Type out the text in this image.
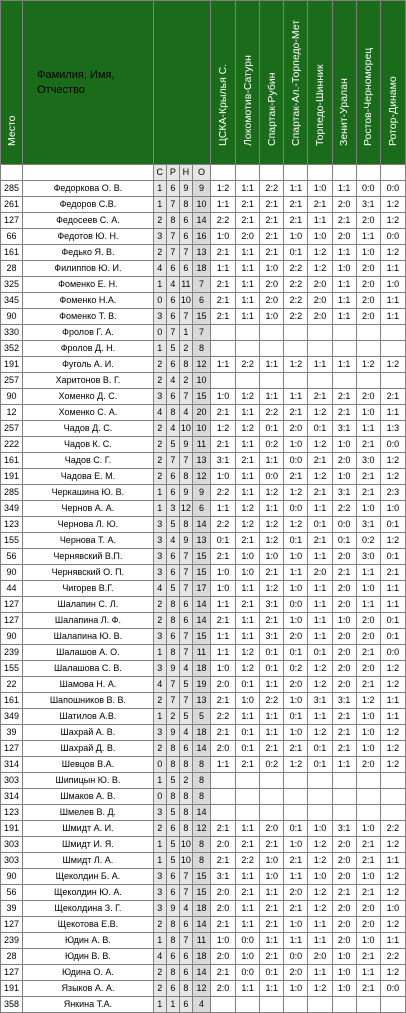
Место	Фамилия, Имя, Отчество					ЦСКА-Крылья С.	Локомотив-Сатурн	Спартак-Рубин	Спартак-Ал.-Торпедо-Мет	Торпедо-Шинник	Зенит-Уралан	Ростов-Черноморец	Ротор-Динамо

		С	Р	Н	О								
285	Федоркова О. В.	1	6	9	9	1:2	1:1	2:2	1:1	1:0	1:1	0:0	0:0
261	Федоров С.В.	1	7	8	10	1:1	2:1	2:1	2:1	2:1	2:0	3:1	1:2
127	Федосеев С. А.	2	8	6	14	2:2	2:1	2:1	2:1	1:1	2:1	2:0	1:2
66	Федотов Ю. Н.	3	7	6	16	1:0	2:0	2:1	1:0	1:0	2:0	1:1	0:0
161	Федько Я. В.	2	7	7	13	2:1	1:1	2:1	0:1	1:2	1:1	1:0	1:2
28	Филиппов Ю. И.	4	6	6	18	1:1	1:1	1:0	2:2	1:2	1:0	2:0	1:1
325	Фоменко Е. Н.	1	4	11	7	2:1	1:1	2:0	2:2	2:0	1:1	2:0	1:0
345	Фоменко Н.А.	0	6	10	6	2:1	1:1	2:0	2:2	2:0	1:1	2:0	1:1
90	Фоменко Т. В.	3	6	7	15	2:1	1:1	1:0	2:2	2:0	1:1	2:0	1:1
330	Фролов Г. А.	0	7	1	7								
352	Фролов Д. Н.	1	5	2	8								
191	Фуголь А. И.	2	6	8	12	1:1	2:2	1:1	1:2	1:1	1:1	1:2	1:2
257	Харитонов В. Г.	2	4	2	10								
90	Хоменко Д. С.	3	6	7	15	1:0	1:2	1:1	1:1	2:1	2:1	2:0	2:1
12	Хоменко С. А.	4	8	4	20	2:1	1:1	2:2	2:1	1:2	2:1	1:0	1:1
257	Чадов Д. С.	2	4	10	10	1:2	1:2	0:1	2:0	0:1	3:1	1:1	1:3
222	Чадов К. С.	2	5	9	11	2:1	1:1	0:2	1:0	1:2	1:0	2:1	0:0
161	Чадов С. Г.	2	7	7	13	3:1	2:1	1:1	0:0	2:1	2:0	3:0	1:2
191	Чадова Е. М.	2	6	8	12	1:0	1:1	0:0	2:1	1:2	1:0	2:1	1:2
285	Черкашина Ю. В.	1	6	9	9	2:2	1:1	1:2	1:2	2:1	3:1	2:1	2:3
349	Чернов А. А.	1	3	12	6	1:1	1:2	1:1	0:0	1:1	2:2	1:0	1:0
123	Чернова Л. Ю.	3	5	8	14	2:2	1:2	1:2	1:2	0:1	0:0	3:1	0:1
155	Чернова Т. А.	3	4	9	13	0:1	2:1	1:2	0:1	2:1	0:1	0:2	1:2
56	Чернявский В.П.	3	6	7	15	2:1	1:0	1:0	1:0	1:1	2:0	3:0	0:1
90	Чернявский О. П.	3	6	7	15	1:0	1:0	2:1	1:1	2:0	2:1	1:1	2:1
44	Чигорев В.Г.	4	5	7	17	1:0	1:1	1:2	1:0	1:1	2:0	1:0	1:1
127	Шалапин С. Л.	2	8	6	14	1:1	2:1	3:1	0:0	1:1	2:0	1:1	1:1
127	Шалапина Л. Ф.	2	8	6	14	2:1	1:1	2:1	1:0	1:1	1:0	2:0	0:1
90	Шалапина Ю. В.	3	6	7	15	1:1	1:1	3:1	2:0	1:1	2:0	2:0	0:1
239	Шалашов А. О.	1	8	7	11	1:1	1:2	0:1	0:1	0:1	2:0	2:1	0:0
155	Шалашова С. В.	3	9	4	18	1:0	1:2	0:1	0:2	1:2	2:0	2:0	1:2
22	Шамова Н. А.	4	7	5	19	2:0	0:1	1:1	2:0	1:2	2:0	2:1	1:2
161	Шапошников В. В.	2	7	7	13	2:1	1:0	2:2	1:0	3:1	3:1	1:2	1:1
349	Шатилов А.В.	1	2	5	5	2:2	1:1	1:1	0:1	1:1	2:1	1:0	1:1
39	Шахрай А. В.	3	9	4	18	2:1	0:1	1:1	1:0	1:2	2:1	1:0	1:2
127	Шахрай Д. В.	2	8	6	14	2:0	0:1	2:1	2:1	0:1	2:1	1:0	1:2
314	Шевцов В.А.	0	8	8	8	1:1	2:1	0:2	1:2	0:1	1:1	2:0	1:2
303	Шипицын Ю. В.	1	5	2	8								
314	Шмаков А. В.	0	8	8	8								
123	Шмелев В. Д.	3	5	8	14								
191	Шмидт А. И.	2	6	8	12	2:1	1:1	2:0	0:1	1:0	3:1	1:0	2:2
303	Шмидт И. Я.	1	5	10	8	2:0	2:1	2:1	1:0	1:2	2:0	2:1	1:2
303	Шмидт Л. А.	1	5	10	8	2:1	2:2	1:0	2:1	1:2	2:0	2:1	1:1
90	Щеколдин Б. А.	3	6	7	15	3:1	1:1	1:0	1:1	1:0	2:0	1:0	1:2
56	Щеколдин Ю. А.	3	6	7	15	2:0	2:1	1:1	2:0	1:2	2:1	2:1	1:2
39	Щеколдина З. Г.	3	9	4	18	2:0	1:1	2:1	2:1	1:2	2:0	2:0	1:0
127	Щекотова Е.В.	2	8	6	14	2:1	1:1	2:1	1:0	1:1	2:0	2:0	1:2
239	Юдин А. В.	1	8	7	11	1:0	0:0	1:1	1:1	1:1	2:0	1:0	1:1
28	Юдин В. В.	4	6	6	18	2:0	1:0	2:1	0:0	2:0	1:0	2:1	2:2
127	Юдина О. А.	2	8	6	14	2:1	0:0	0:1	2:0	1:1	1:0	1:1	1:2
191	Языков А. А.	2	6	8	12	2:0	1:1	1:1	1:0	1:2	1:0	2:1	0:0
358	Янкина Т.А.	1	1	6	4								
